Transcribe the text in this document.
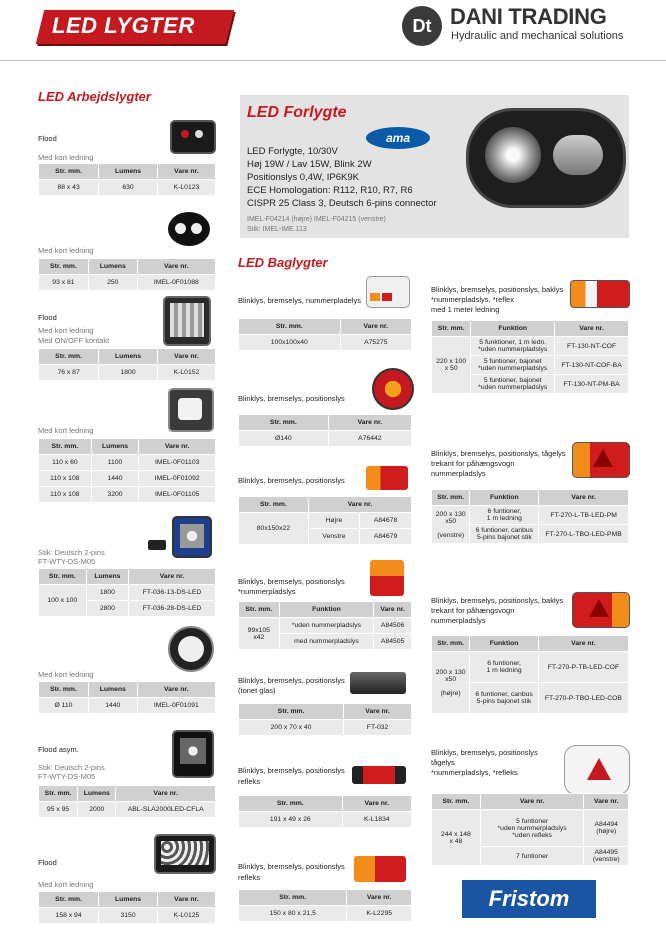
LED LYGTER	Dt DANI TRADING
Hydraulic and mechanical solutions
LED Arbejdslygter
Flood
Med kort ledning
Str. mm.	Lumens	Vare nr.
88 x 43	630	K-L0123
Med kort ledning
Str. mm.	Lumens	Vare nr.
93 x 81	250	IMEL-0F01088
Flood
Med kort ledning
Med ON/OFF kontakt
Str. mm.	Lumens	Vare nr.
76 x 87	1800	K-L0152
Med kort ledning
Str. mm.	Lumens	Vare nr.
110 x 60	1100	IMEL-0F01103
110 x 108	1440	IMEL-0F01092
110 x 108	3200	IMEL-0F01105
Stik: Deutsch 2-pins
FT-WTY-DS-M05
Str. mm.	Lumens	Vare nr.
100 x 100	1800	FT-036-13-DS-LED
	2800	FT-036-28-DS-LED
Med kort ledning
Str. mm.	Lumens	Vare nr.
Ø 110	1440	IMEL-0F01091
Flood asym.
Stik: Deutsch 2-pins
FT-WTY-DS-M05
Str. mm.	Lumens	Vare nr.
95 x 95	2000	ABL-SLA2000LED-CFLA
Flood
Med kort ledning
Str. mm.	Lumens	Vare nr.
158 x 94	3150	K-L0125
LED Forlygte
ama
LED Forlygte, 10/30V
Høj 19W / Lav 15W, Blink 2W
Positionslys 0,4W, IP6K9K
ECE Homologation: R112, R10, R7, R6
CISPR 25 Class 3, Deutsch 6-pins connector
IMEL-F04214 (højre) IMEL-F04215 (venstre)
Stik: IMEL-IME.113
LED Baglygter
Blinklys, bremselys, nummerpladelys
Str. mm.	Vare nr.
100x100x40	A75275
Blinklys, bremselys, positionslys
Str. mm.	Vare nr.
Ø140	A76442
Blinklys, bremselys, positionslys
Str. mm.	Vare nr.	
80x150x22	Højre	A84678
	Venstre	A84679
Blinklys, bremselys, positionslys
*nummerpladslys
Str. mm.	Funktion	Vare nr.
99x105
x42	*uden nummerpladslys	A84506
	med nummerpladslys	A84505
Blinklys, bremselys, positionslys
(tonet glas)
Str. mm.	Vare nr.
200 x 70 x 40	FT-032
Blinklys, bremselys, positionslys
refleks
Str. mm.	Vare nr.
191 x 49 x 26	K-L1834
Blinklys, bremselys, positionslys
refleks
Str. mm.	Vare nr.
150 x 80 x 21,5	K-L2295
Blinklys, bremselys, positionslys, baklys
*nummerpladslys, *reflex
med 1 meter ledning
Str. mm.	Funktion	Vare nr.
220 x 100
x 50	5 funktioner, 1 m ledn.
*uden nummerpladslys	FT-130-NT-COF
	5 funtioner, bajonet
*uden nummerpladslys	FT-130-NT-COF-BA
	5 funtioner, bajonet
*uden nummerpladslys	FT-130-NT-PM-BA
Blinklys, bremselys, positionslys, tågelys
trekant for påhængsvogn
nummerpladslys
Str. mm.	Funktion	Vare nr.
200 x 130
x50

(venstre)	6 funtioner,
1 m ledning	FT-270-L-TB-LED-PM
	6 funtioner, canbus
5-pins bajonet stik	FT-270-L-TBO-LED-PMB
Blinklys, bremselys, positionslys, baklys
trekant for påhængsvogn
nummerpladslys
Str. mm.	Funktion	Vare nr.
200 x 130
x50

(højre)	6 funtioner,
1 m ledning	FT-270-P-TB-LED-COF
	6 funtioner, canbus
5-pins bajonet stik	FT-270-P-TBO-LED-COB
Blinklys, bremselys, positionslys
tågelys
*nummerpladslys, *refleks
Str. mm.	Vare nr.	Vare nr.
244 x 148
x 48	5 funtioner
*uden nummerpladslys
*uden refleks	A84494
(højre)
	7 funtioner	A84495
(venstre)
Fristom
